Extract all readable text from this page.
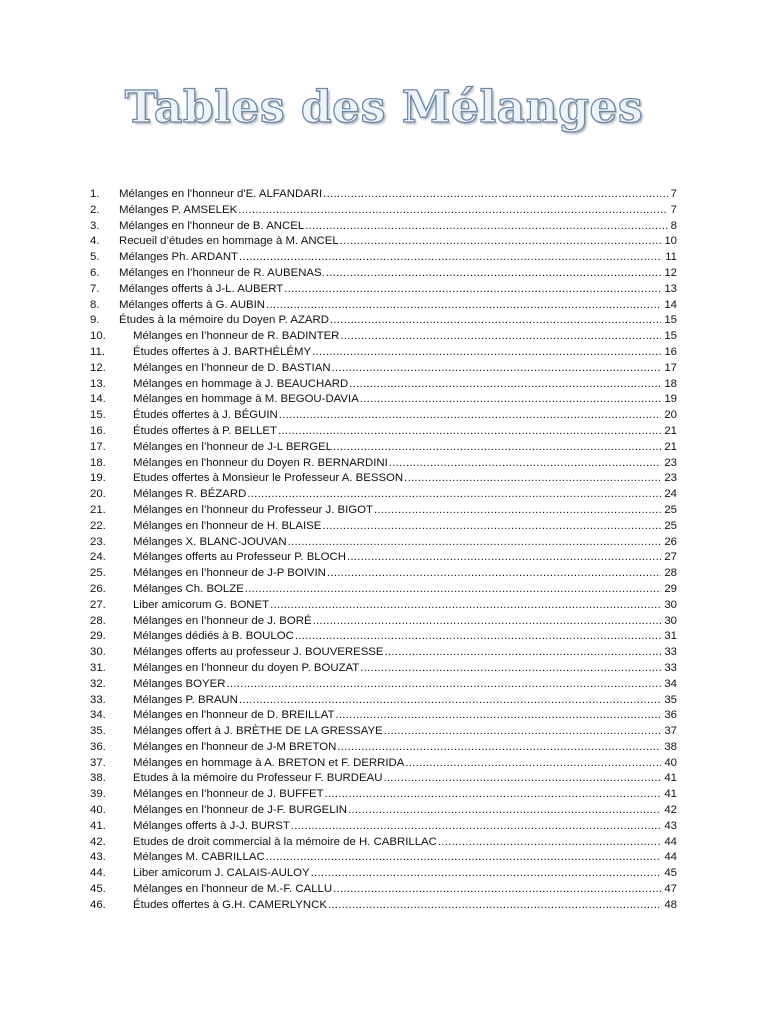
Tables des Mélanges
1.	Mélanges en l'honneur d'E. ALFANDARI . . .	7
2.	Mélanges P. AMSELEK . . .	7
3.	Mélanges en l'honneur de B. ANCEL . . .	8
4.	Recueil d’études en hommage à M. ANCEL . . .	10
5.	Mélanges Ph. ARDANT . . .	11
6.	Mélanges en l’honneur de R. AUBENAS. . . .	12
7.	Mélanges offerts à J-L. AUBERT . . .	13
8.	Mélanges offerts à G. AUBIN . . .	14
9.	Études à la mémoire du Doyen P. AZARD . . .	15
10.	Mélanges en l’honneur de R. BADINTER . . .	15
11.	Études offertes à J. BARTHÉLÉMY . . .	16
12.	Mélanges en l’honneur de D. BASTIAN . . .	17
13.	Mélanges en hommage à J. BEAUCHARD . . .	18
14.	Mélanges en hommage à M. BEGOU-DAVIA . . .	19
15.	Études offertes à J. BÉGUIN . . .	20
16.	Études offertes à P. BELLET . . .	21
17.	Mélanges en l’honneur de J-L BERGEL . . .	21
18.	Mélanges en l'honneur du Doyen R. BERNARDINI . . .	23
19.	Etudes offertes à Monsieur le Professeur A. BESSON . . .	23
20.	Mélanges R. BÉZARD . . .	24
21.	Mélanges en l’honneur du Professeur J. BIGOT . . .	25
22.	Mélanges en l'honneur de H. BLAISE . . .	25
23.	Mélanges X. BLANC-JOUVAN . . .	26
24.	Mélanges offerts au Professeur P. BLOCH . . .	27
25.	Mélanges en l’honneur de J-P BOIVIN . . .	28
26.	Mélanges Ch. BOLZE . . .	29
27.	Liber amicorum G. BONET . . .	30
28.	Mélanges en l’honneur de J. BORÉ . . .	30
29.	Mélanges dédiés à B. BOULOC . . .	31
30.	Mélanges offerts au professeur J. BOUVERESSE . . .	33
31.	Mélanges en l’honneur du doyen P. BOUZAT . . .	33
32.	Mélanges BOYER . . .	34
33.	Mélanges P. BRAUN . . .	35
34.	Mélanges en l'honneur de D. BREILLAT . . .	36
35.	Mélanges offert à J. BRÈTHE DE LA GRESSAYE . . .	37
36.	Mélanges en l'honneur de J-M BRETON . . .	38
37.	Mélanges en hommage à A. BRETON et F. DERRIDA . . .	40
38.	Etudes à la mémoire du Professeur F. BURDEAU . . .	41
39.	Mélanges en l’honneur de J. BUFFET . . .	41
40.	Mélanges en l’honneur de J-F. BURGELIN . . .	42
41.	Mélanges offerts à J-J. BURST . . .	43
42.	Etudes de droit commercial à la mémoire de H. CABRILLAC . . .	44
43.	Mélanges M. CABRILLAC . . .	44
44.	Liber amicorum J. CALAIS-AULOY . . .	45
45.	Mélanges en l'honneur de M.-F. CALLU . . .	47
46.	Études offertes à G.H. CAMERLYNCK . . .	48
